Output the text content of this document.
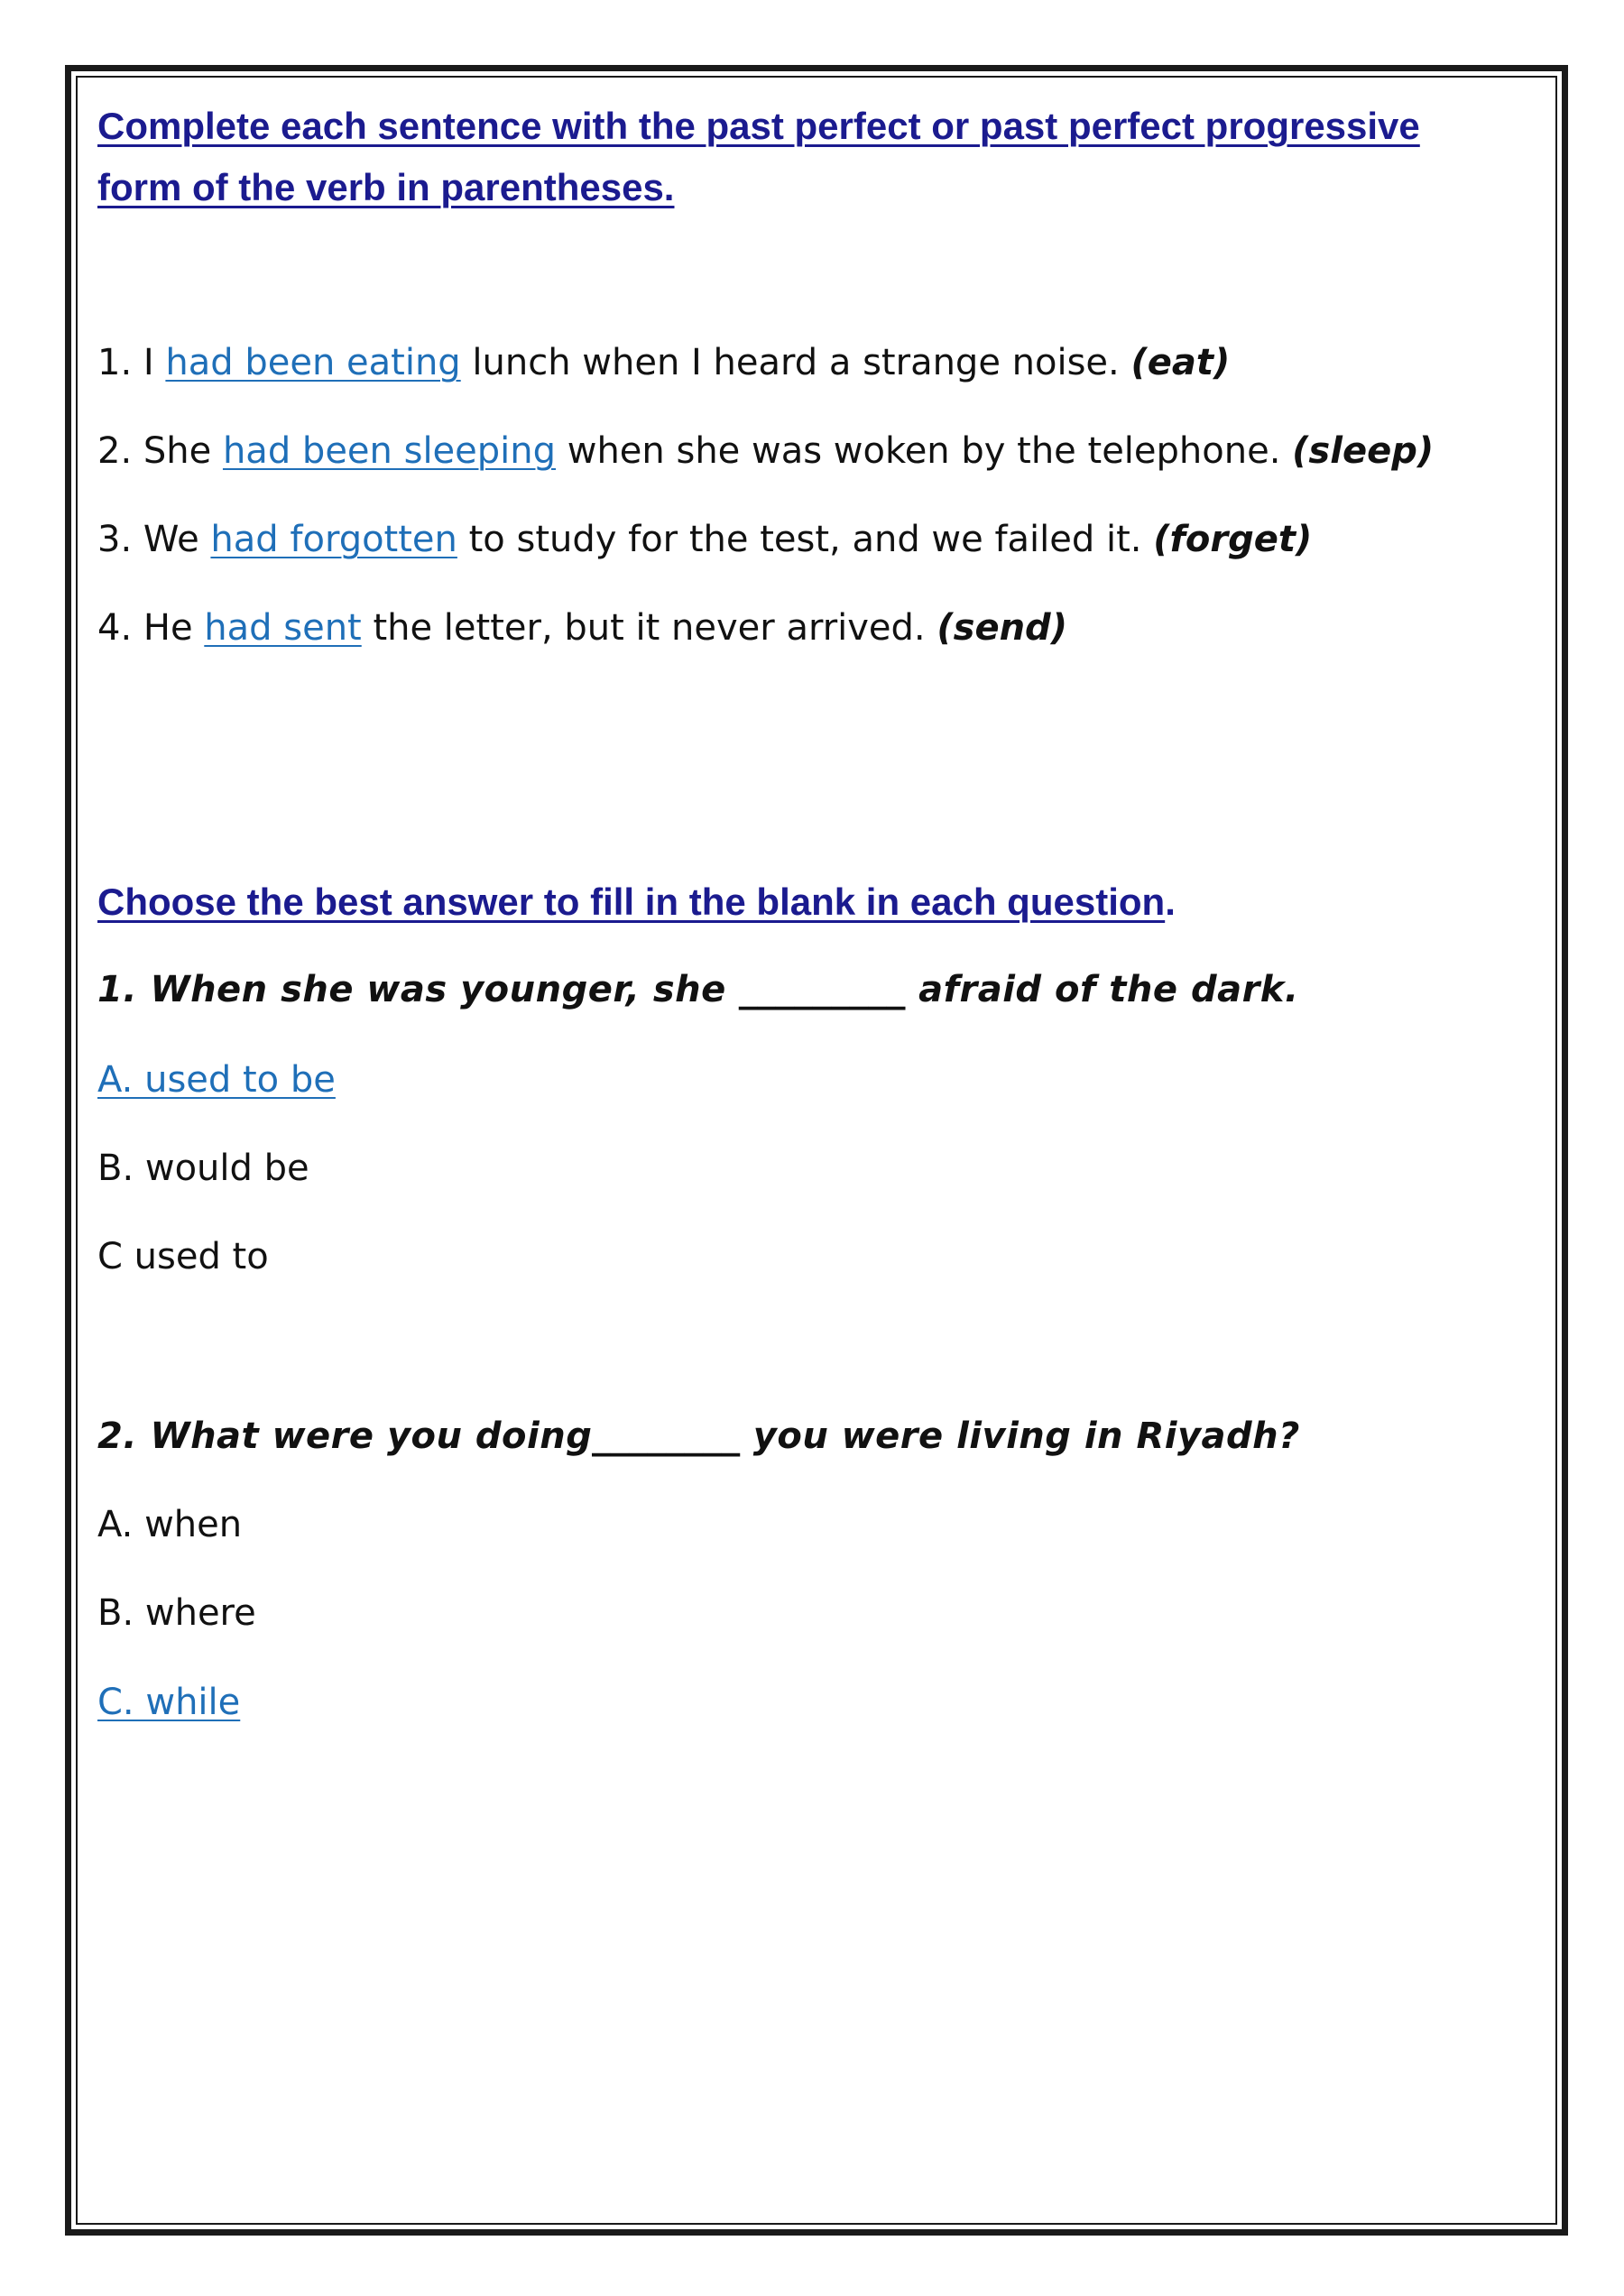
Complete each sentence with the past perfect or past perfect progressive form of the verb in parentheses.
1. I had been eating lunch when I heard a strange noise. (eat)
2. She had been sleeping when she was woken by the telephone. (sleep)
3. We had forgotten to study for the test, and we failed it. (forget)
4. He had sent the letter, but it never arrived. (send)
Choose the best answer to fill in the blank in each question.
1. When she was younger, she _________ afraid of the dark.
A. used to be
B. would be
C used to
2. What were you doing________ you were living in Riyadh?
A. when
B. where
C. while
